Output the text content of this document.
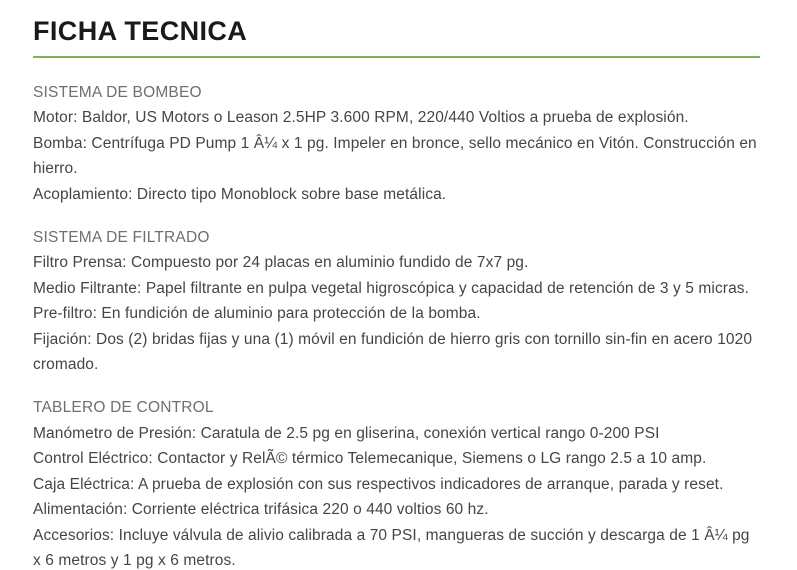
FICHA TECNICA
SISTEMA DE BOMBEO

Motor: Baldor, US Motors o Leason 2.5HP 3.600 RPM, 220/440 Voltios a prueba de explosión.

Bomba: Centrífuga PD Pump 1 Â¼ x 1 pg. Impeler en bronce, sello mecánico en Vitón. Construcción en hierro.

Acoplamiento: Directo tipo Monoblock sobre base metálica.

SISTEMA DE FILTRADO

Filtro Prensa: Compuesto por 24 placas en aluminio fundido de 7x7 pg.

Medio Filtrante: Papel filtrante en pulpa vegetal higroscópica y capacidad de retención de 3 y 5 micras.

Pre-filtro: En fundición de aluminio para protección de la bomba.

Fijación: Dos (2) bridas fijas y una (1) móvil en fundición de hierro gris con tornillo sin-fin en acero 1020 cromado.

TABLERO DE CONTROL

Manómetro de Presión: Caratula de 2.5 pg en gliserina, conexión vertical rango 0-200 PSI

Control Eléctrico: Contactor y RelÃ© térmico Telemecanique, Siemens o LG rango 2.5 a 10 amp.

Caja Eléctrica: A prueba de explosión con sus respectivos indicadores de arranque, parada y reset.

Alimentación: Corriente eléctrica trifásica 220 o 440 voltios 60 hz.

Accesorios: Incluye válvula de alivio calibrada a 70 PSI, mangueras de succión y descarga de 1 Â¼ pg x 6 metros y 1 pg x 6 metros.
